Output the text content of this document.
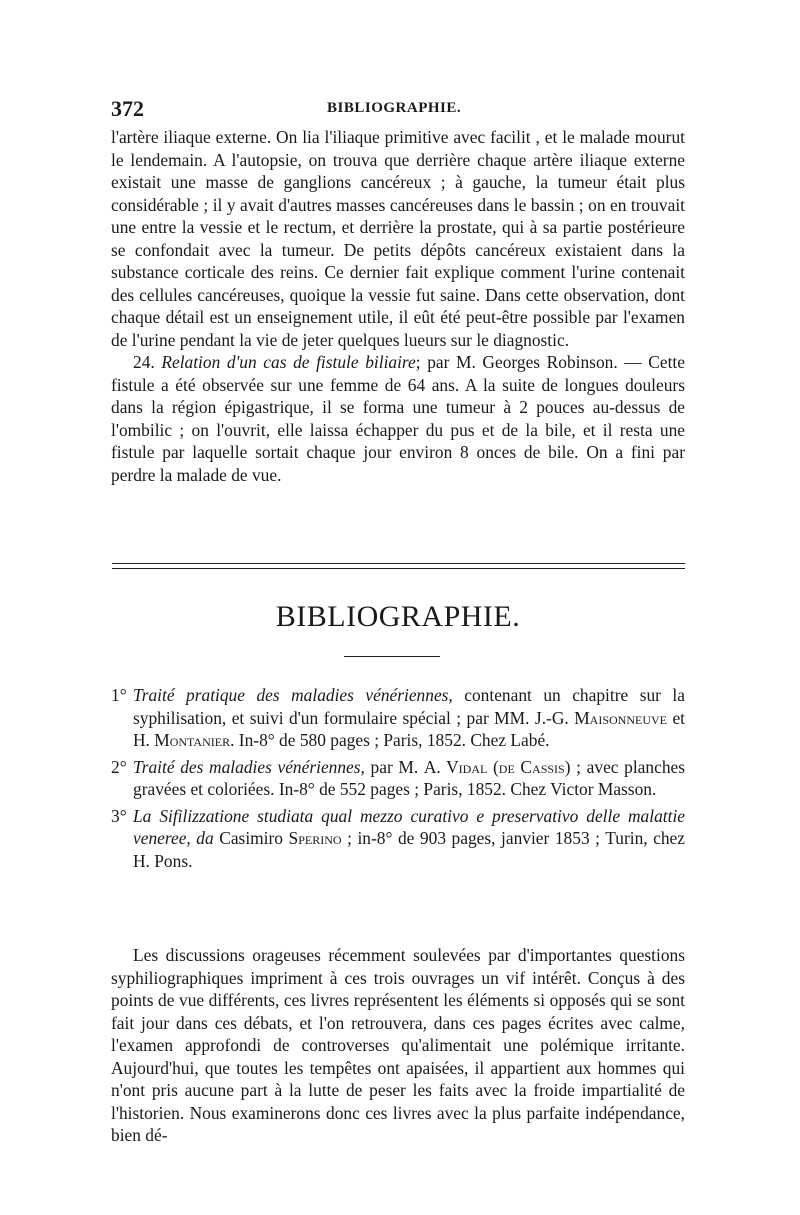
372	BIBLIOGRAPHIE.

l'artère iliaque externe. On lia l'iliaque primitive avec facilit , et le malade mourut le lendemain. A l'autopsie, on trouva que derrière chaque artère iliaque externe existait une masse de ganglions cancéreux ; à gauche, la tumeur était plus considérable ; il y avait d'autres masses cancéreuses dans le bassin ; on en trouvait une entre la vessie et le rectum, et derrière la prostate, qui à sa partie postérieure se confondait avec la tumeur. De petits dépôts cancéreux existaient dans la substance corticale des reins. Ce dernier fait explique comment l'urine contenait des cellules cancéreuses, quoique la vessie fut saine. Dans cette observation, dont chaque détail est un enseignement utile, il eût été peut-être possible par l'examen de l'urine pendant la vie de jeter quelques lueurs sur le diagnostic.

24. Relation d'un cas de fistule biliaire; par M. Georges Robinson. — Cette fistule a été observée sur une femme de 64 ans. A la suite de longues douleurs dans la région épigastrique, il se forma une tumeur à 2 pouces au-dessus de l'ombilic ; on l'ouvrit, elle laissa échapper du pus et de la bile, et il resta une fistule par laquelle sortait chaque jour environ 8 onces de bile. On a fini par perdre la malade de vue.

BIBLIOGRAPHIE.
1° Traité pratique des maladies vénériennes, contenant un chapitre sur la syphilisation, et suivi d'un formulaire spécial ; par MM. J.-G. Maisonneuve et H. Montanier. In-8° de 580 pages ; Paris, 1852. Chez Labé.
2° Traité des maladies vénériennes, par M. A. Vidal (de Cassis) ; avec planches gravées et coloriées. In-8° de 552 pages ; Paris, 1852. Chez Victor Masson.
3° La Sifilizzatione studiata qual mezzo curativo e preservativo delle malattie veneree, da Casimiro Sperino ; in-8° de 903 pages, janvier 1853 ; Turin, chez H. Pons.

Les discussions orageuses récemment soulevées par d'importantes questions syphiliographiques impriment à ces trois ouvrages un vif intérêt. Conçus à des points de vue différents, ces livres représentent les éléments si opposés qui se sont fait jour dans ces débats, et l'on retrouvera, dans ces pages écrites avec calme, l'examen approfondi de controverses qu'alimentait une polémique irritante. Aujourd'hui, que toutes les tempêtes ont apaisées, il appartient aux hommes qui n'ont pris aucune part à la lutte de peser les faits avec la froide impartialité de l'historien. Nous examinerons donc ces livres avec la plus parfaite indépendance, bien dé-
